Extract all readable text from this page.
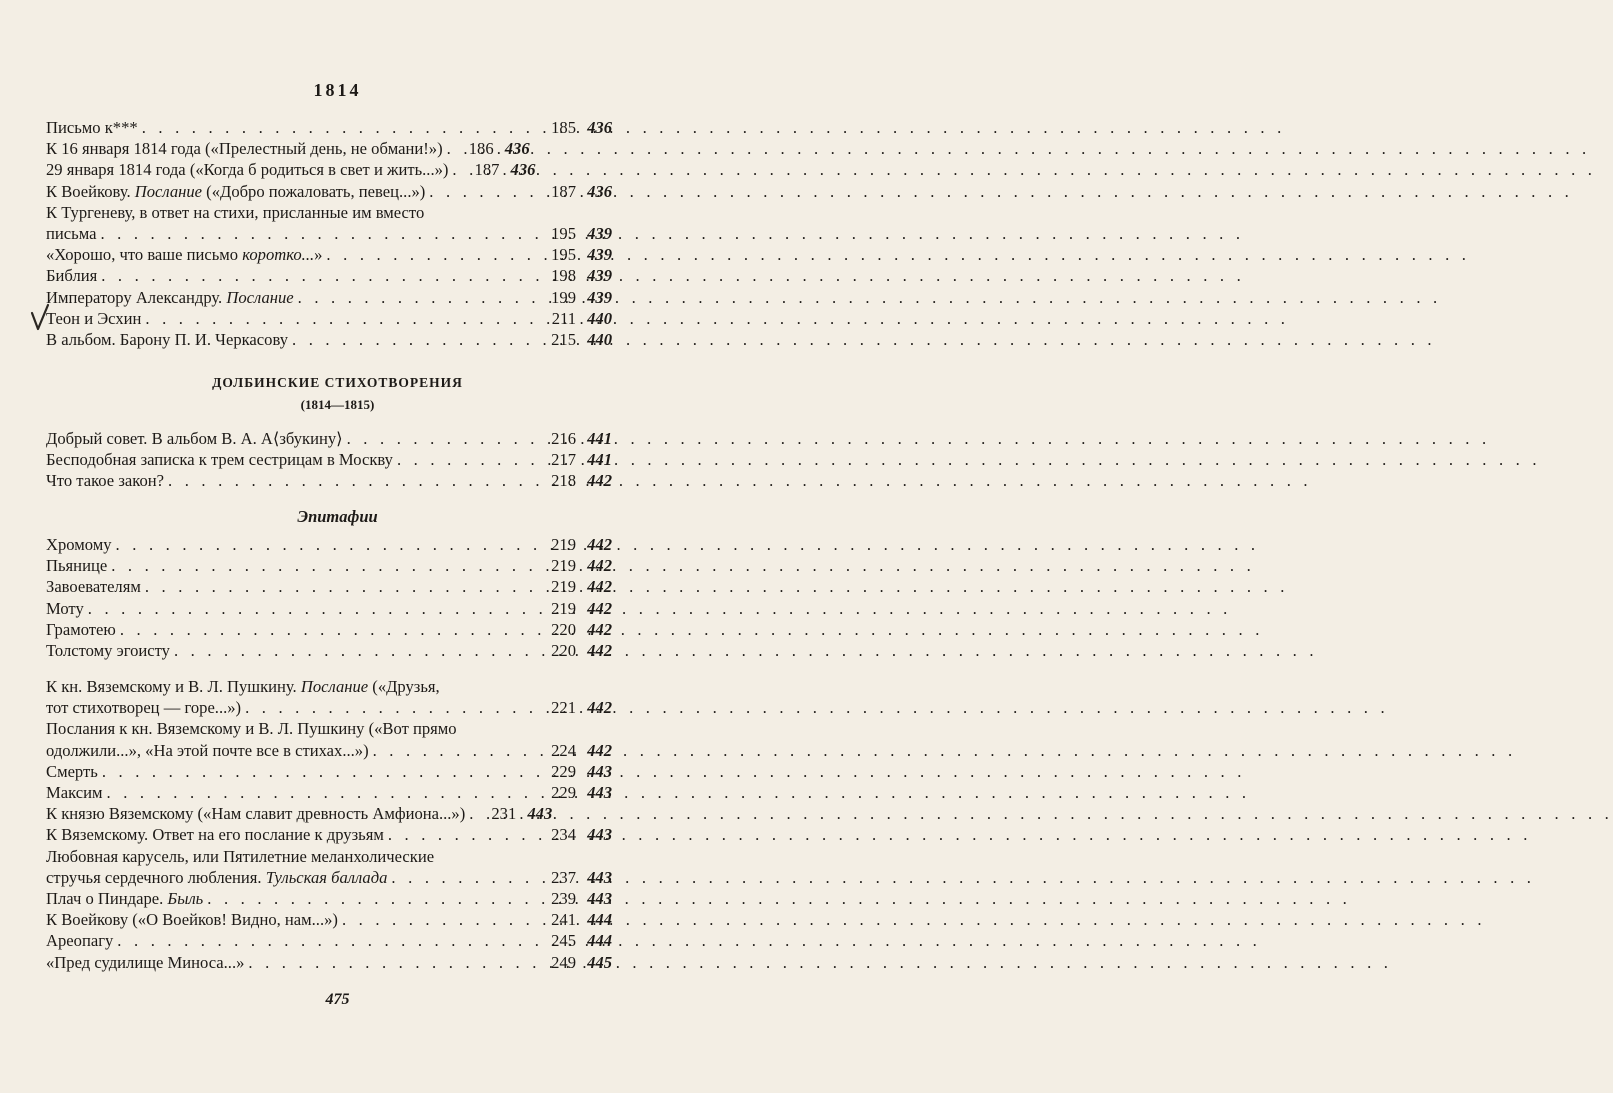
1814
Письмо к*** . . .	185 436
К 16 января 1814 года («Прелестный день, не обмани!») . . .	186 436
29 января 1814 года («Когда б родиться в свет и жить...») . . .	187 436
К Воейкову. Послание («Добро пожаловать, певец...») . . .	187 436
К Тургеневу, в ответ на стихи, присланные им вместо
письма . . .	195 439
«Хорошо, что ваше письмо коротко...» . . .	195 439
Библия . . .	198 439
Императору Александру. Послание . . .	199 439
Теон и Эсхин . . .	211 440
В альбом. Барону П. И. Черкасову . . .	215 440
ДОЛБИНСКИЕ СТИХОТВОРЕНИЯ
(1814—1815)
Добрый совет. В альбом В. А. А⟨збукину⟩ . . .	216 441
Бесподобная записка к трем сестрицам в Москву . . .	217 441
Что такое закон? . . .	218 442
Эпитафии
Хромому . . .	219 442
Пьянице . . .	219 442
Завоевателям . . .	219 442
Моту . . .	219 442
Грамотею . . .	220 442
Толстому эгоисту . . .	220 442
К кн. Вяземскому и В. Л. Пушкину. Послание («Друзья,
тот стихотворец — горе...») . . .	221 442
Послания к кн. Вяземскому и В. Л. Пушкину («Вот прямо
одолжили...», «На этой почте все в стихах...») . . .	224 442
Смерть . . .	229 443
Максим . . .	229 443
К князю Вяземскому («Нам славит древность Амфиона...») . . .	231 443
К Вяземскому. Ответ на его послание к друзьям . . .	234 443
Любовная карусель, или Пятилетние меланхолические
стручья сердечного любления. Тульская баллада . . .	237 443
Плач о Пиндаре. Быль . . .	239 443
К Воейкову («О Воейков! Видно, нам...») . . .	241 444
Ареопагу . . .	245 444
«Пред судилище Миноса...» . . .	249 445
475
